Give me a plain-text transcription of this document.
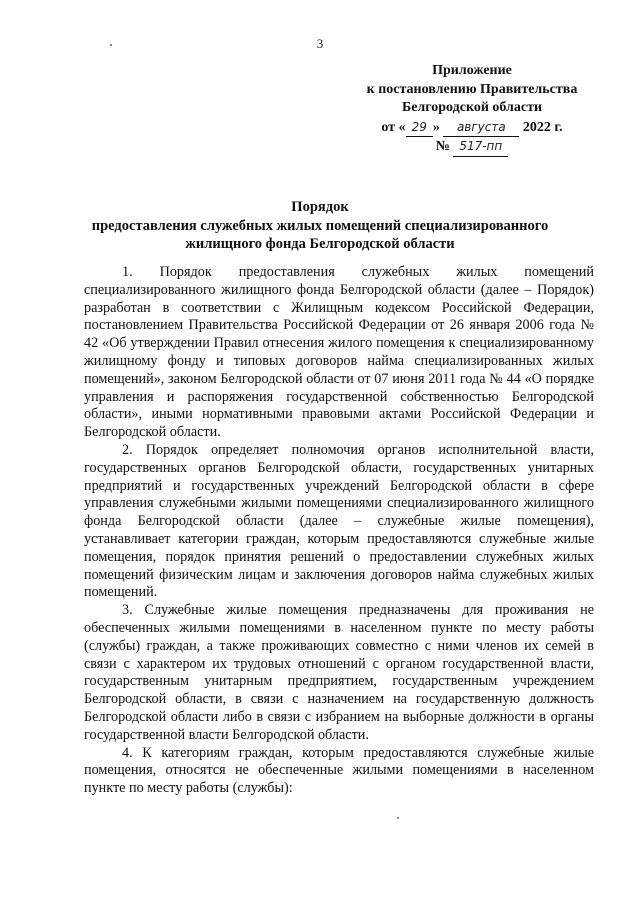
3
Приложение
к постановлению Правительства
Белгородской области
от « 29 » августа 2022 г.
№ 517-пп
Порядок
предоставления служебных жилых помещений специализированного
жилищного фонда Белгородской области

1. Порядок предоставления служебных жилых помещений специализированного жилищного фонда Белгородской области (далее – Порядок) разработан в соответствии с Жилищным кодексом Российской Федерации, постановлением Правительства Российской Федерации от 26 января 2006 года № 42 «Об утверждении Правил отнесения жилого помещения к специализированному жилищному фонду и типовых договоров найма специализированных жилых помещений», законом Белгородской области от 07 июня 2011 года № 44 «О порядке управления и распоряжения государственной собственностью Белгородской области», иными нормативными правовыми актами Российской Федерации и Белгородской области.

2. Порядок определяет полномочия органов исполнительной власти, государственных органов Белгородской области, государственных унитарных предприятий и государственных учреждений Белгородской области в сфере управления служебными жилыми помещениями специализированного жилищного фонда Белгородской области (далее – служебные жилые помещения), устанавливает категории граждан, которым предоставляются служебные жилые помещения, порядок принятия решений о предоставлении служебных жилых помещений физическим лицам и заключения договоров найма служебных жилых помещений.

3. Служебные жилые помещения предназначены для проживания не обеспеченных жилыми помещениями в населенном пункте по месту работы (службы) граждан, а также проживающих совместно с ними членов их семей в связи с характером их трудовых отношений с органом государственной власти, государственным унитарным предприятием, государственным учреждением Белгородской области, в связи с назначением на государственную должность Белгородской области либо в связи с избранием на выборные должности в органы государственной власти Белгородской области.

4. К категориям граждан, которым предоставляются служебные жилые помещения, относятся не обеспеченные жилыми помещениями в населенном пункте по месту работы (службы):
